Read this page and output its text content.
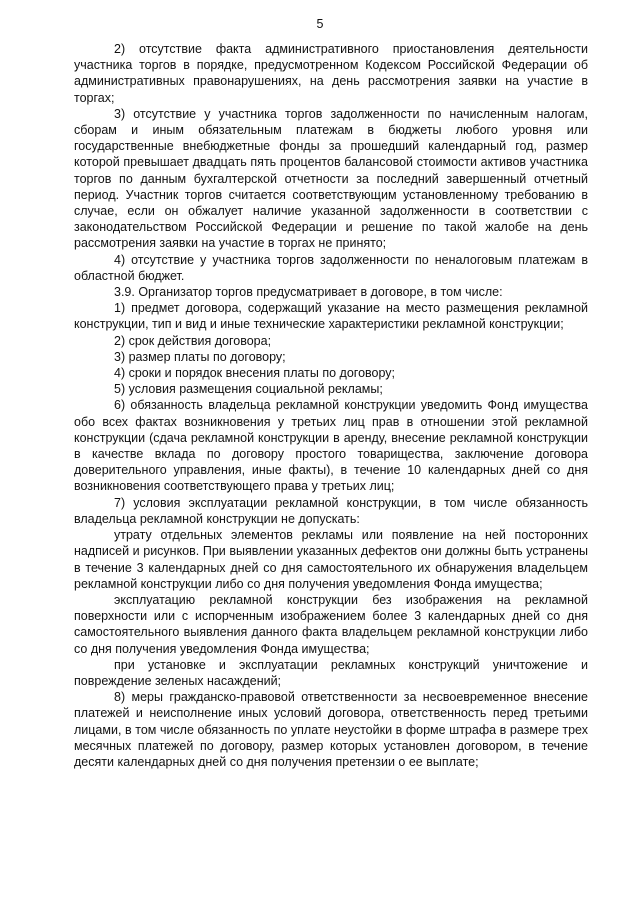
5

2) отсутствие факта административного приостановления деятельности участника торгов в порядке, предусмотренном Кодексом Российской Федерации об административных правонарушениях, на день рассмотрения заявки на участие в торгах;

3) отсутствие у участника торгов задолженности по начисленным налогам, сборам и иным обязательным платежам в бюджеты любого уровня или государственные внебюджетные фонды за прошедший календарный год, размер которой превышает двадцать пять процентов балансовой стоимости активов участника торгов по данным бухгалтерской отчетности за последний завершенный отчетный период. Участник торгов считается соответствующим установленному требованию в случае, если он обжалует наличие указанной задолженности в соответствии с законодательством Российской Федерации и решение по такой жалобе на день рассмотрения заявки на участие в торгах не принято;

4) отсутствие у участника торгов задолженности по неналоговым платежам в областной бюджет.

3.9. Организатор торгов предусматривает в договоре, в том числе:

1) предмет договора, содержащий указание на место размещения рекламной конструкции, тип и вид и иные технические характеристики рекламной конструкции;

2) срок действия договора;

3) размер платы по договору;

4) сроки и порядок внесения платы по договору;

5) условия размещения социальной рекламы;

6) обязанность владельца рекламной конструкции уведомить Фонд имущества обо всех фактах возникновения у третьих лиц прав в отношении этой рекламной конструкции (сдача рекламной конструкции в аренду, внесение рекламной конструкции в качестве вклада по договору простого товарищества, заключение договора доверительного управления, иные факты), в течение 10 календарных дней со дня возникновения соответствующего права у третьих лиц;

7) условия эксплуатации рекламной конструкции, в том числе обязанность владельца рекламной конструкции не допускать:

утрату отдельных элементов рекламы или появление на ней посторонних надписей и рисунков. При выявлении указанных дефектов они должны быть устранены в течение 3 календарных дней со дня самостоятельного их обнаружения владельцем рекламной конструкции либо со дня получения уведомления Фонда имущества;

эксплуатацию рекламной конструкции без изображения на рекламной поверхности или с испорченным изображением более 3 календарных дней со дня самостоятельного выявления данного факта владельцем рекламной конструкции либо со дня получения уведомления Фонда имущества;

при установке и эксплуатации рекламных конструкций уничтожение и повреждение зеленых насаждений;

8) меры гражданско-правовой ответственности за несвоевременное внесение платежей и неисполнение иных условий договора, ответственность перед третьими лицами, в том числе обязанность по уплате неустойки в форме штрафа в размере трех месячных платежей по договору, размер которых установлен договором, в течение десяти календарных дней со дня получения претензии о ее выплате;
